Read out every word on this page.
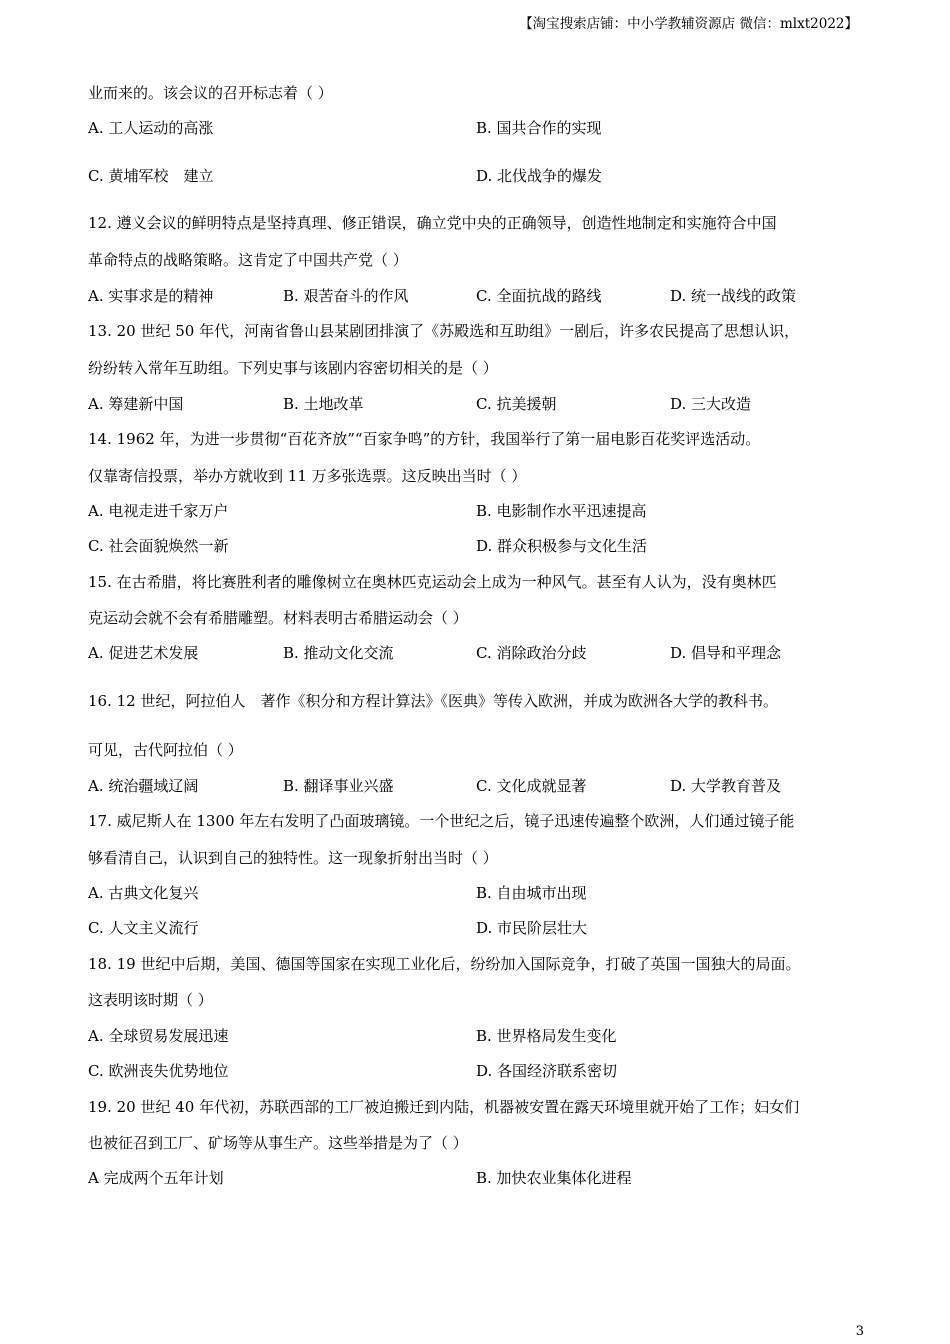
【淘宝搜索店铺：中小学教辅资源店 微信：mlxt2022】
业而来的。该会议的召开标志着（ ）
A. 工人运动的高涨	B. 国共合作的实现
C. 黄埔军校　建立	D. 北伐战争的爆发
12. 遵义会议的鲜明特点是坚持真理、修正错误，确立党中央的正确领导，创造性地制定和实施符合中国
革命特点的战略策略。这肯定了中国共产党（ ）
A. 实事求是的精神	B. 艰苦奋斗的作风	C. 全面抗战的路线	D. 统一战线的政策
13. 20 世纪 50 年代，河南省鲁山县某剧团排演了《苏殿选和互助组》一剧后，许多农民提高了思想认识，
纷纷转入常年互助组。下列史事与该剧内容密切相关的是（ ）
A. 筹建新中国	B. 土地改革	C. 抗美援朝	D. 三大改造
14. 1962 年，为进一步贯彻“百花齐放”“百家争鸣”的方针，我国举行了第一届电影百花奖评选活动。
仅靠寄信投票，举办方就收到 11 万多张选票。这反映出当时（ ）
A. 电视走进千家万户	B. 电影制作水平迅速提高
C. 社会面貌焕然一新	D. 群众积极参与文化生活
15. 在古希腊，将比赛胜利者的雕像树立在奥林匹克运动会上成为一种风气。甚至有人认为，没有奥林匹
克运动会就不会有希腊雕塑。材料表明古希腊运动会（ ）
A. 促进艺术发展	B. 推动文化交流	C. 消除政治分歧	D. 倡导和平理念
16. 12 世纪，阿拉伯人　著作《积分和方程计算法》《医典》等传入欧洲，并成为欧洲各大学的教科书。
可见，古代阿拉伯（ ）
A. 统治疆域辽阔	B. 翻译事业兴盛	C. 文化成就显著	D. 大学教育普及
17. 威尼斯人在 1300 年左右发明了凸面玻璃镜。一个世纪之后，镜子迅速传遍整个欧洲，人们通过镜子能
够看清自己，认识到自己的独特性。这一现象折射出当时（ ）
A. 古典文化复兴	B. 自由城市出现
C. 人文主义流行	D. 市民阶层壮大
18. 19 世纪中后期，美国、德国等国家在实现工业化后，纷纷加入国际竞争，打破了英国一国独大的局面。
这表明该时期（ ）
A. 全球贸易发展迅速	B. 世界格局发生变化
C. 欧洲丧失优势地位	D. 各国经济联系密切
19. 20 世纪 40 年代初，苏联西部的工厂被迫搬迁到内陆，机器被安置在露天环境里就开始了工作；妇女们
也被征召到工厂、矿场等从事生产。这些举措是为了（ ）
A 完成两个五年计划	B. 加快农业集体化进程
3
